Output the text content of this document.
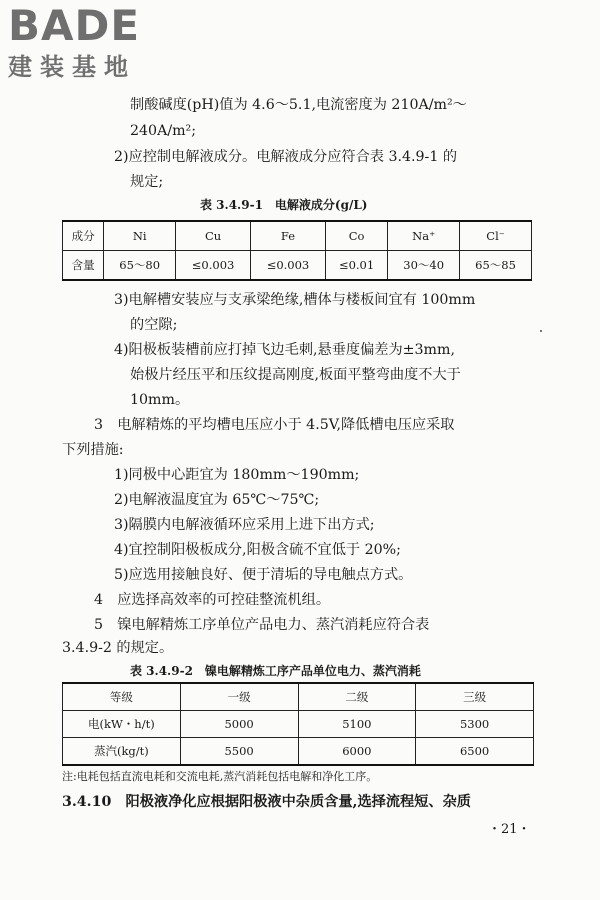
BADE
建装基地
制酸碱度(pH)值为 4.6～5.1,电流密度为 210A/m²～
240A/m²;
2)应控制电解液成分。电解液成分应符合表 3.4.9-1 的
规定;
表 3.4.9-1　电解液成分(g/L)
成分	Ni	Cu	Fe	Co	Na⁺	Cl⁻
含量	65～80	≤0.003	≤0.003	≤0.01	30～40	65～85
3)电解槽安装应与支承梁绝缘,槽体与楼板间宜有 100mm
的空隙;
4)阳极板装槽前应打掉飞边毛刺,悬垂度偏差为±3mm,
始极片经压平和压纹提高刚度,板面平整弯曲度不大于
10mm。
3　电解精炼的平均槽电压应小于 4.5V,降低槽电压应采取
下列措施:
1)同极中心距宜为 180mm～190mm;
2)电解液温度宜为 65℃～75℃;
3)隔膜内电解液循环应采用上进下出方式;
4)宜控制阳极板成分,阳极含硫不宜低于 20%;
5)应选用接触良好、便于清垢的导电触点方式。
4　应选择高效率的可控硅整流机组。
5　镍电解精炼工序单位产品电力、蒸汽消耗应符合表
3.4.9-2 的规定。
表 3.4.9-2　镍电解精炼工序产品单位电力、蒸汽消耗
等级	一级	二级	三级
电(kW・h/t)	5000	5100	5300
蒸汽(kg/t)	5500	6000	6500
注:电耗包括直流电耗和交流电耗,蒸汽消耗包括电解和净化工序。
3.4.10　阳极液净化应根据阳极液中杂质含量,选择流程短、杂质
・21・
